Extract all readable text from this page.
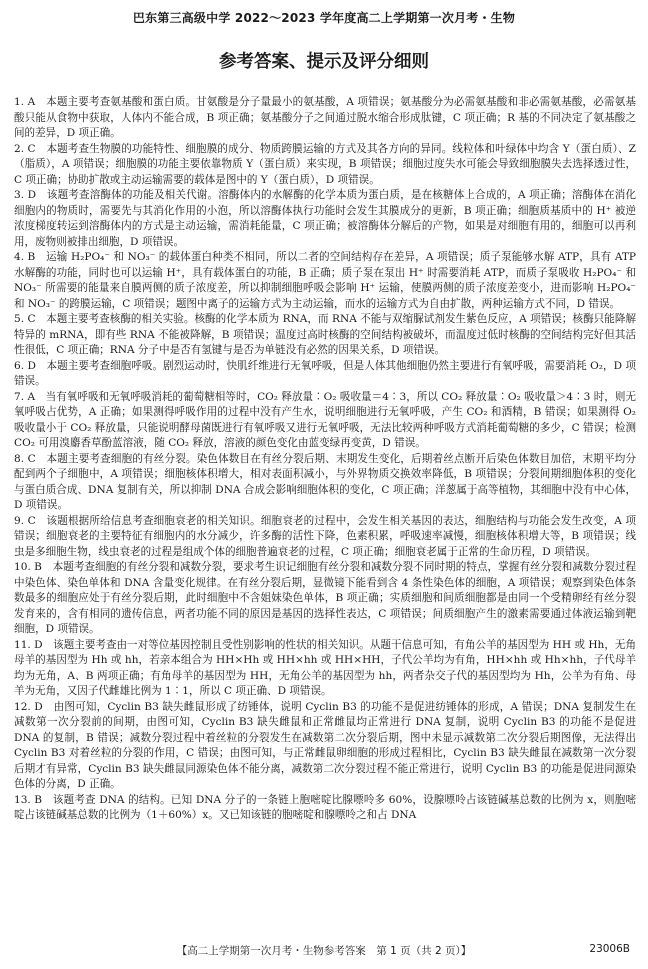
巴东第三高级中学 2022～2023 学年度高二上学期第一次月考・生物
参考答案、提示及评分细则

1. A　本题主要考查氨基酸和蛋白质。甘氨酸是分子量最小的氨基酸，A 项错误；氨基酸分为必需氨基酸和非必需氨基酸，必需氨基酸只能从食物中获取，人体内不能合成，B 项正确；氨基酸分子之间通过脱水缩合形成肽键，C 项正确；R 基的不同决定了氨基酸之间的差异，D 项正确。

2. C　本题考查生物膜的功能特性、细胞膜的成分、物质跨膜运输的方式及其各方向的异同。线粒体和叶绿体中均含 Y（蛋白质）、Z（脂质），A 项错误；细胞膜的功能主要依靠物质 Y（蛋白质）来实现，B 项错误；细胞过度失水可能会导致细胞膜失去选择透过性，C 项正确；协助扩散或主动运输需要的载体是图中的 Y（蛋白质），D 项错误。

3. D　该题考查溶酶体的功能及相关代谢。溶酶体内的水解酶的化学本质为蛋白质，是在核糖体上合成的，A 项正确；溶酶体在消化细胞内的物质时，需要先与其消化作用的小泡，所以溶酶体执行功能时会发生其膜成分的更新，B 项正确；细胞质基质中的 H⁺ 被逆浓度梯度转运到溶酶体内的方式是主动运输，需消耗能量，C 项正确；被溶酶体分解后的产物，如果是对细胞有用的，细胞可以再利用，废物则被排出细胞，D 项错误。

4. B　运输 H₂PO₄⁻ 和 NO₃⁻ 的载体蛋白种类不相同，所以二者的空间结构存在差异，A 项错误；质子泵能够水解 ATP，具有 ATP 水解酶的功能，同时也可以运输 H⁺，具有载体蛋白的功能，B 正确；质子泵在泵出 H⁺ 时需要消耗 ATP，而质子泵吸收 H₂PO₄⁻ 和 NO₃⁻ 所需要的能量来自膜两侧的质子浓度差，所以抑制细胞呼吸会影响 H⁺ 运输，使膜两侧的质子浓度差变小，进而影响 H₂PO₄⁻ 和 NO₃⁻ 的跨膜运输，C 项错误；题图中离子的运输方式为主动运输，而水的运输方式为自由扩散，两种运输方式不同，D 错误。

5. C　本题主要考查核酶的相关实验。核酶的化学本质为 RNA，而 RNA 不能与双缩脲试剂发生紫色反应，A 项错误；核酶只能降解特异的 mRNA，即有些 RNA 不能被降解，B 项错误；温度过高时核酶的空间结构被破坏，而温度过低时核酶的空间结构完好但其活性很低，C 项正确；RNA 分子中是否有氢键与是否为单链没有必然的因果关系，D 项错误。

6. D　本题主要考查细胞呼吸。剧烈运动时，快肌纤维进行无氧呼吸，但是人体其他细胞仍然主要进行有氧呼吸，需要消耗 O₂，D 项错误。

7. A　当有氧呼吸和无氧呼吸消耗的葡萄糖相等时，CO₂ 释放量∶O₂ 吸收量＝4∶3，所以 CO₂ 释放量∶O₂ 吸收量＞4∶3 时，则无氧呼吸占优势，A 正确；如果测得呼吸作用的过程中没有产生水，说明细胞进行无氧呼吸，产生 CO₂ 和酒精，B 错误；如果测得 O₂ 吸收量小于 CO₂ 释放量，只能说明酵母菌既进行有氧呼吸又进行无氧呼吸，无法比较两种呼吸方式消耗葡萄糖的多少，C 错误；检测 CO₂ 可用溴麝香草酚蓝溶液，随 CO₂ 释放，溶液的颜色变化由蓝变绿再变黄，D 错误。

8. C　本题主要考查细胞的有丝分裂。染色体数目在有丝分裂后期、末期发生变化，后期着丝点断开后染色体数目加倍，末期平均分配到两个子细胞中，A 项错误；细胞核体积增大，相对表面积减小，与外界物质交换效率降低，B 项错误；分裂间期细胞体积的变化与蛋白质合成、DNA 复制有关，所以抑制 DNA 合成会影响细胞体积的变化，C 项正确；洋葱属于高等植物，其细胞中没有中心体，D 项错误。

9. C　该题根据所给信息考查细胞衰老的相关知识。细胞衰老的过程中，会发生相关基因的表达，细胞结构与功能会发生改变，A 项错误；细胞衰老的主要特征有细胞内的水分减少，许多酶的活性下降，色素积累，呼吸速率减慢，细胞核体积增大等，B 项错误；线虫是多细胞生物，线虫衰老的过程是组成个体的细胞普遍衰老的过程，C 项正确；细胞衰老属于正常的生命历程，D 项错误。

10. B　本题考查细胞的有丝分裂和减数分裂，要求考生识记细胞有丝分裂和减数分裂不同时期的特点，掌握有丝分裂和减数分裂过程中染色体、染色单体和 DNA 含量变化规律。在有丝分裂后期，显微镜下能看到含 4 条性染色体的细胞，A 项错误；观察到染色体条数最多的细胞应处于有丝分裂后期，此时细胞中不含姐妹染色单体，B 项正确；实质细胞和间质细胞都是由同一个受精卵经有丝分裂发育来的，含有相同的遗传信息，两者功能不同的原因是基因的选择性表达，C 项错误；间质细胞产生的激素需要通过体液运输到靶细胞，D 项错误。

11. D　该题主要考查由一对等位基因控制且受性别影响的性状的相关知识。从题干信息可知，有角公羊的基因型为 HH 或 Hh，无角母羊的基因型为 Hh 或 hh，若亲本组合为 HH×Hh 或 HH×hh 或 HH×HH，子代公羊均为有角，HH×hh 或 Hh×hh，子代母羊均为无角，A、B 两项正确；有角母羊的基因型为 HH，无角公羊的基因型为 hh，两者杂交子代的基因型均为 Hh，公羊为有角、母羊为无角，又因子代雌雄比例为 1∶1，所以 C 项正确、D 项错误。

12. D　由图可知，Cyclin B3 缺失雌鼠形成了纺锤体，说明 Cyclin B3 的功能不是促进纺锤体的形成，A 错误；DNA 复制发生在减数第一次分裂前的间期，由图可知，Cyclin B3 缺失雌鼠和正常雌鼠均正常进行 DNA 复制，说明 Cyclin B3 的功能不是促进 DNA 的复制，B 错误；减数分裂过程中着丝粒的分裂发生在减数第二次分裂后期，图中未显示减数第二次分裂后期图像，无法得出 Cyclin B3 对着丝粒的分裂的作用，C 错误；由图可知，与正常雌鼠卵细胞的形成过程相比，Cyclin B3 缺失雌鼠在减数第一次分裂后期才有异常，Cyclin B3 缺失雌鼠同源染色体不能分离，减数第二次分裂过程不能正常进行，说明 Cyclin B3 的功能是促进同源染色体的分离，D 正确。

13. B　该题考查 DNA 的结构。已知 DNA 分子的一条链上胞嘧啶比腺嘌呤多 60%，设腺嘌呤占该链碱基总数的比例为 x，则胞嘧啶占该链碱基总数的比例为（1＋60%）x。又已知该链的胞嘧啶和腺嘌呤之和占 DNA

【高二上学期第一次月考・生物参考答案　第 1 页（共 2 页）】	23006B
